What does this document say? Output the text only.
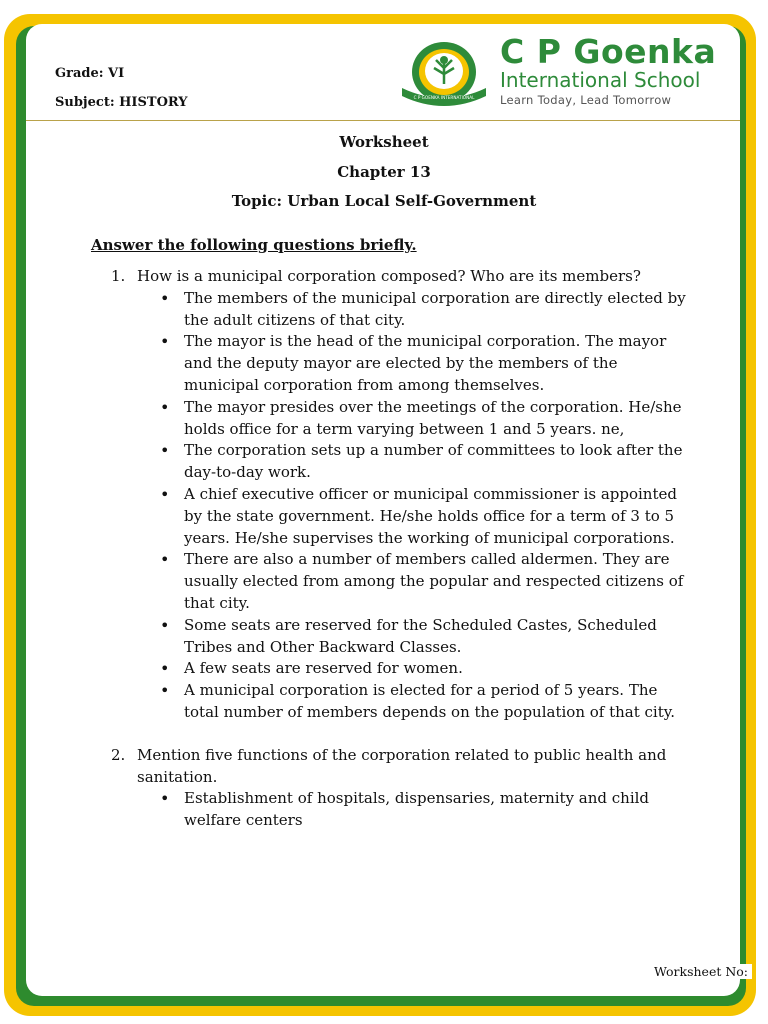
Grade: VI
Subject: HISTORY	C P GOENKA INTERNATIONAL
C P Goenka
International School
Learn Today, Lead Tomorrow
Worksheet
Chapter 13
Topic: Urban Local Self-Government
Answer the following questions briefly.
1. How is a municipal corporation composed? Who are its members?
• The members of the municipal corporation are directly elected by the adult citizens of that city.
• The mayor is the head of the municipal corporation. The mayor and the deputy mayor are elected by the members of the municipal corporation from among themselves.
• The mayor presides over the meetings of the corporation. He/she holds office for a term varying between 1 and 5 years. ne,
• The corporation sets up a number of committees to look after the day-to-day work.
• A chief executive officer or municipal commissioner is appointed by the state government. He/she holds office for a term of 3 to 5 years. He/she supervises the working of municipal corporations.
• There are also a number of members called aldermen. They are usually elected from among the popular and respected citizens of that city.
• Some seats are reserved for the Scheduled Castes, Scheduled Tribes and Other Backward Classes.
• A few seats are reserved for women.
• A municipal corporation is elected for a period of 5 years. The total number of members depends on the population of that city.
2. Mention five functions of the corporation related to public health and sanitation.
• Establishment of hospitals, dispensaries, maternity and child welfare centers
Worksheet No:
